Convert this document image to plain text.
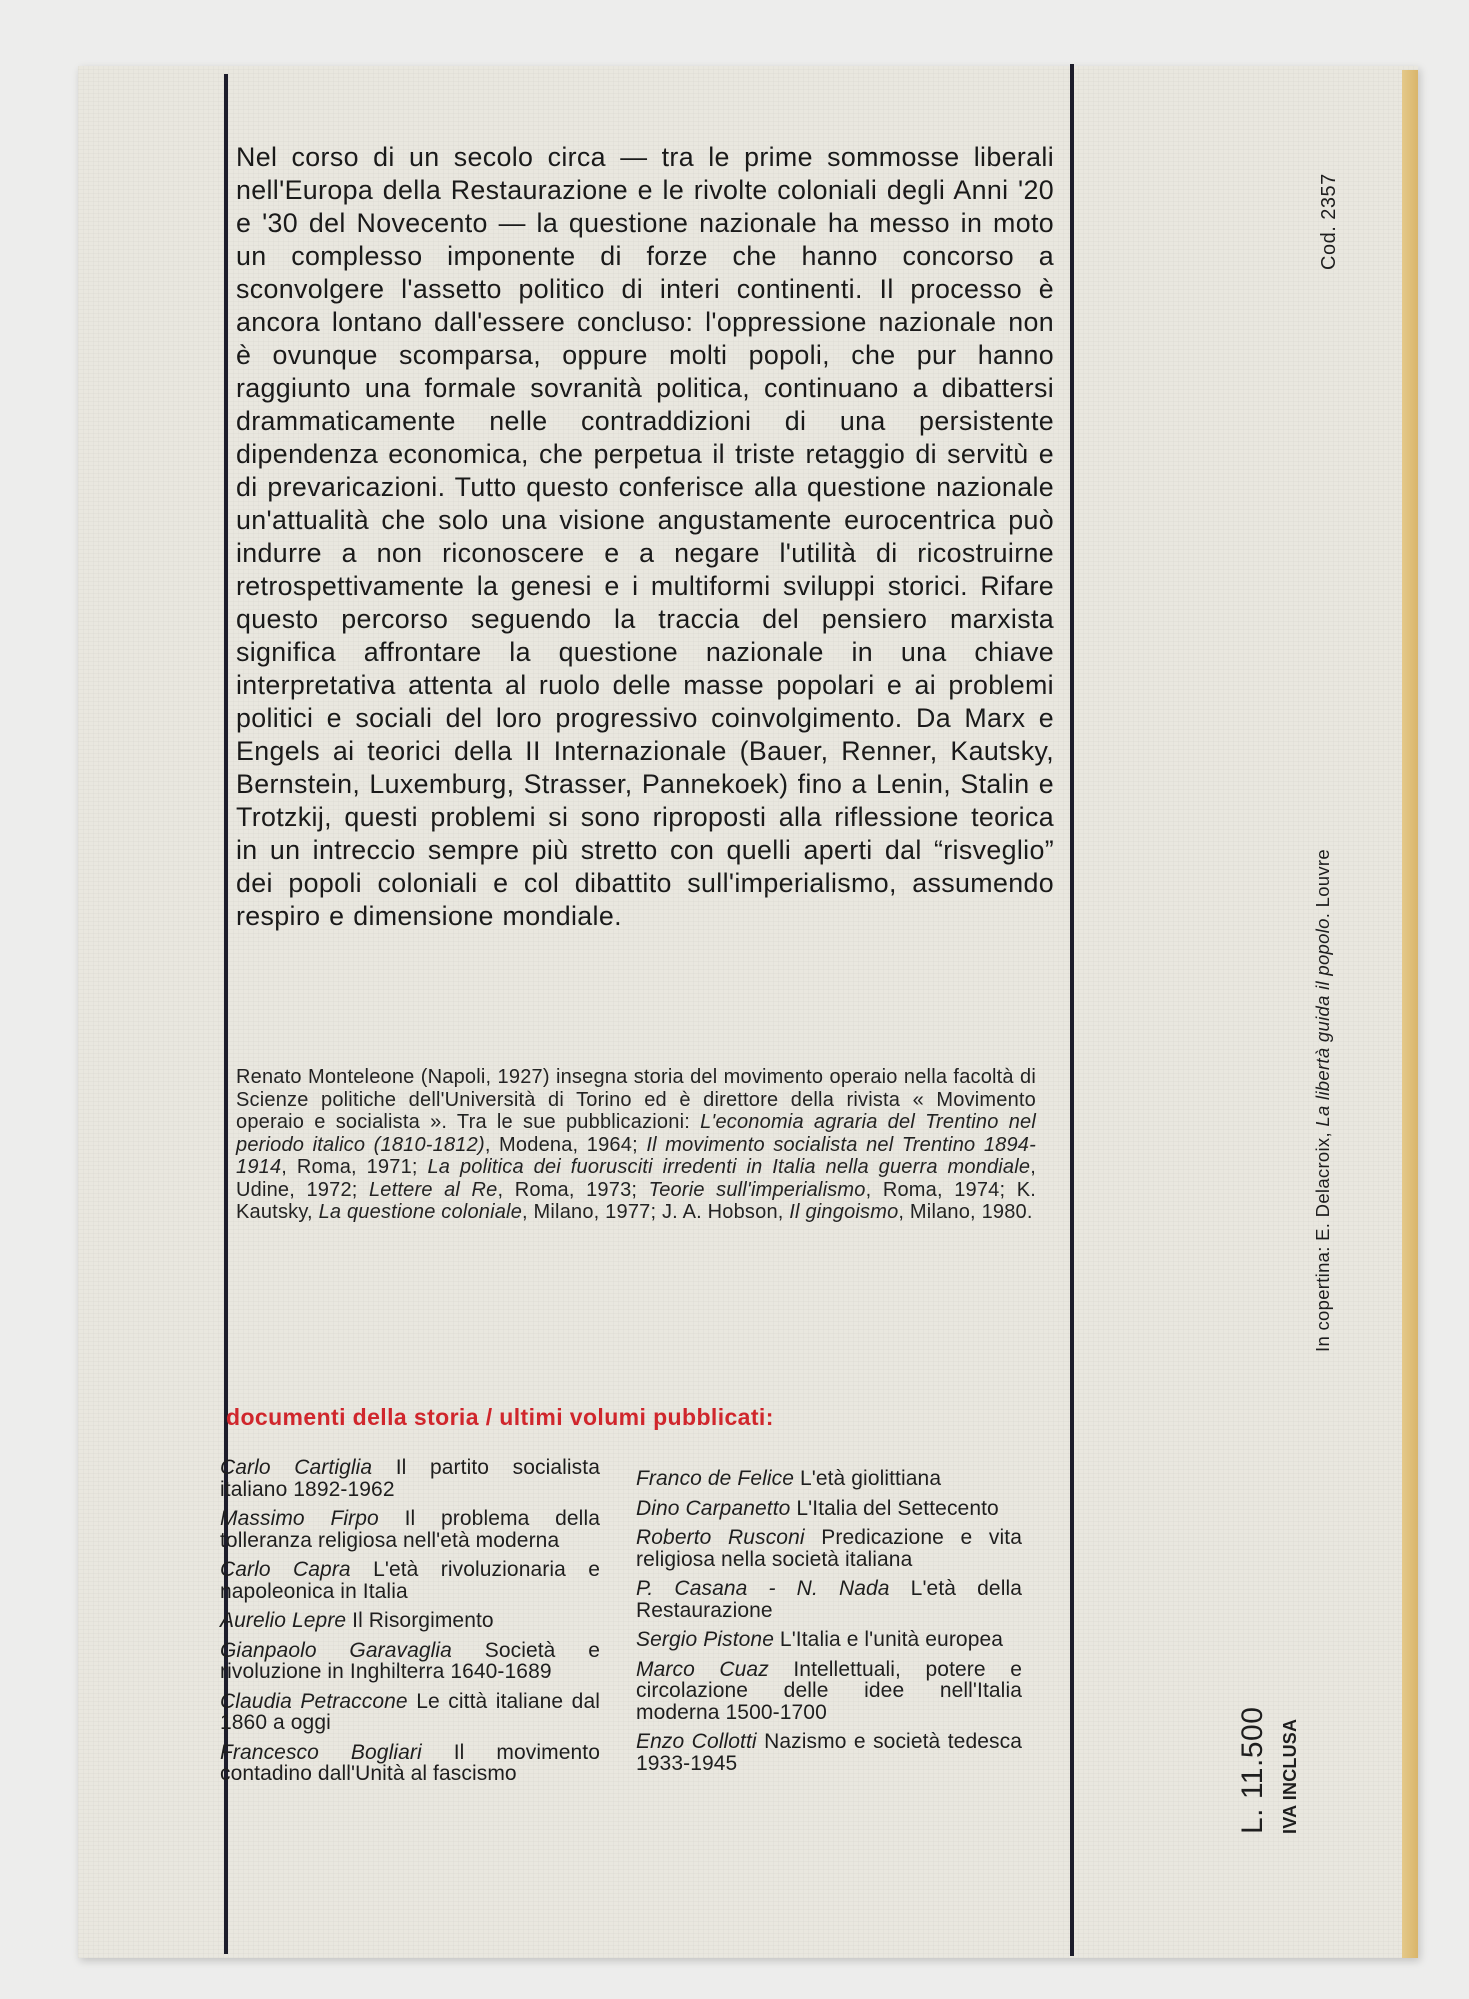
Nel corso di un secolo circa — tra le prime sommosse liberali nell'Europa della Restaurazione e le rivolte coloniali degli Anni '20 e '30 del Novecento — la questione nazionale ha messo in moto un complesso imponente di forze che hanno concorso a sconvolgere l'assetto politico di interi continenti. Il processo è ancora lontano dall'essere concluso: l'oppressione nazionale non è ovunque scomparsa, oppure molti popoli, che pur hanno raggiunto una formale sovranità politica, continuano a dibattersi drammaticamente nelle contraddizioni di una persistente dipendenza economica, che perpetua il triste retaggio di servitù e di prevaricazioni. Tutto questo conferisce alla questione nazionale un'attualità che solo una visione angustamente eurocentrica può indurre a non riconoscere e a negare l'utilità di ricostruirne retrospettivamente la genesi e i multiformi sviluppi storici. Rifare questo percorso seguendo la traccia del pensiero marxista significa affrontare la questione nazionale in una chiave interpretativa attenta al ruolo delle masse popolari e ai problemi politici e sociali del loro progressivo coinvolgimento. Da Marx e Engels ai teorici della II Internazionale (Bauer, Renner, Kautsky, Bernstein, Luxemburg, Strasser, Pannekoek) fino a Lenin, Stalin e Trotzkij, questi problemi si sono riproposti alla riflessione teorica in un intreccio sempre più stretto con quelli aperti dal “risveglio” dei popoli coloniali e col dibattito sull'imperialismo, assumendo respiro e dimensione mondiale.

Renato Monteleone (Napoli, 1927) insegna storia del movimento operaio nella facoltà di Scienze politiche dell'Università di Torino ed è direttore della rivista « Movimento operaio e socialista ». Tra le sue pubblicazioni: L'economia agraria del Trentino nel periodo italico (1810-1812), Modena, 1964; Il movimento socialista nel Trentino 1894-1914, Roma, 1971; La politica dei fuorusciti irredenti in Italia nella guerra mondiale, Udine, 1972; Lettere al Re, Roma, 1973; Teorie sull'imperialismo, Roma, 1974; K. Kautsky, La questione coloniale, Milano, 1977; J. A. Hobson, Il gingoismo, Milano, 1980.

documenti della storia / ultimi volumi pubblicati:

Carlo Cartiglia Il partito socialista italiano 1892-1962
Massimo Firpo Il problema della tolleranza religiosa nell'età moderna
Carlo Capra L'età rivoluzionaria e napoleonica in Italia
Aurelio Lepre Il Risorgimento
Gianpaolo Garavaglia Società e rivoluzione in Inghilterra 1640-1689
Claudia Petraccone Le città italiane dal 1860 a oggi
Francesco Bogliari Il movimento contadino dall'Unità al fascismo
Franco de Felice L'età giolittiana
Dino Carpanetto L'Italia del Settecento
Roberto Rusconi Predicazione e vita religiosa nella società italiana
P. Casana - N. Nada L'età della Restaurazione
Sergio Pistone L'Italia e l'unità europea
Marco Cuaz Intellettuali, potere e circolazione delle idee nell'Italia moderna 1500-1700
Enzo Collotti Nazismo e società tedesca 1933-1945
Cod. 2357
In copertina: E. Delacroix, La libertà guida il popolo. Louvre
L. 11.500 IVA INCLUSA
